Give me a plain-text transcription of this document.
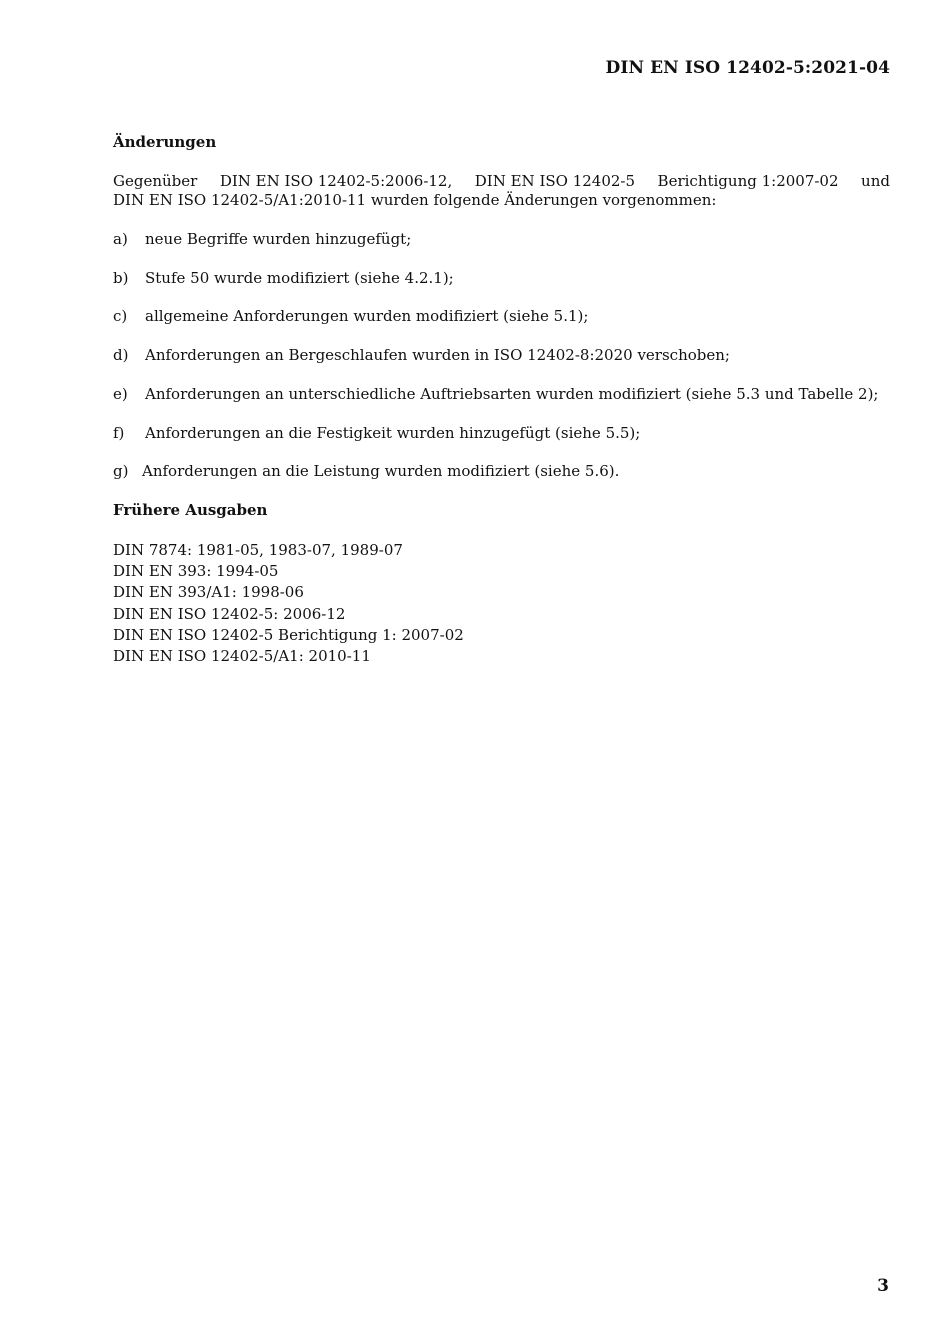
DIN EN ISO 12402-5:2021-04
Änderungen
Gegenüber DIN EN ISO 12402-5:2006-12, DIN EN ISO 12402-5 Berichtigung 1:2007-02 und
DIN EN ISO 12402-5/A1:2010-11 wurden folgende Änderungen vorgenommen:
a) neue Begriffe wurden hinzugefügt;
b) Stufe 50 wurde modifiziert (siehe 4.2.1);
c) allgemeine Anforderungen wurden modifiziert (siehe 5.1);
d) Anforderungen an Bergeschlaufen wurden in ISO 12402-8:2020 verschoben;
e) Anforderungen an unterschiedliche Auftriebsarten wurden modifiziert (siehe 5.3 und Tabelle 2);
f) Anforderungen an die Festigkeit wurden hinzugefügt (siehe 5.5);
g) Anforderungen an die Leistung wurden modifiziert (siehe 5.6).
Frühere Ausgaben
DIN 7874: 1981-05, 1983-07, 1989-07
DIN EN 393: 1994-05
DIN EN 393/A1: 1998-06
DIN EN ISO 12402-5: 2006-12
DIN EN ISO 12402-5 Berichtigung 1: 2007-02
DIN EN ISO 12402-5/A1: 2010-11
3
